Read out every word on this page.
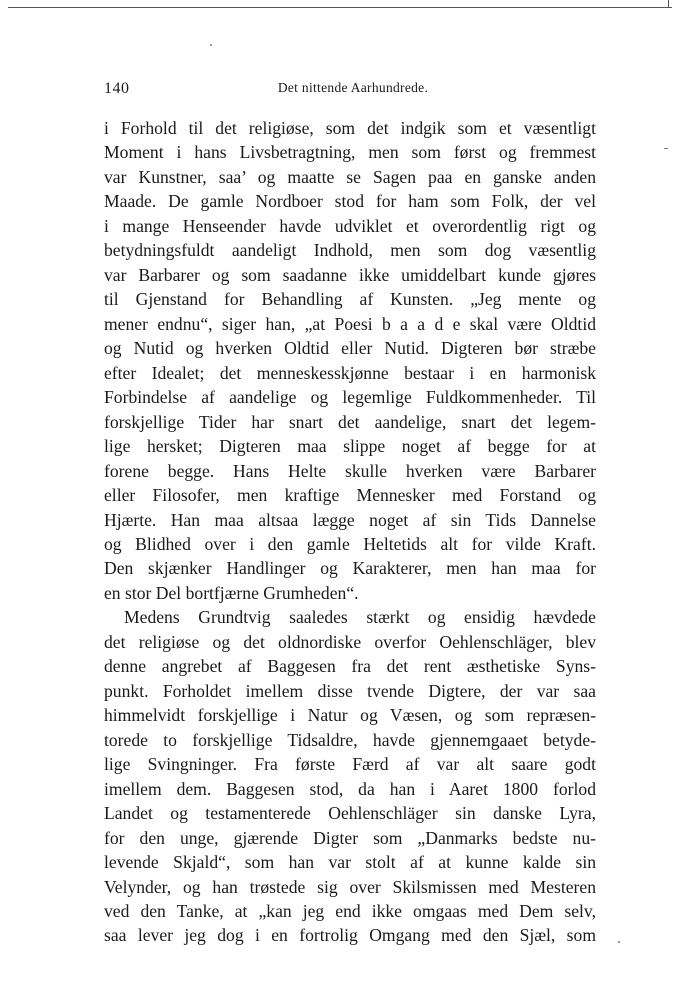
140	Det nittende Aarhundrede.
i Forhold til det religiøse, som det indgik som et væsentligt
Moment i hans Livsbetragtning, men som først og fremmest
var Kunstner, saa’ og maatte se Sagen paa en ganske anden
Maade. De gamle Nordboer stod for ham som Folk, der vel
i mange Henseender havde udviklet et overordentlig rigt og
betydningsfuldt aandeligt Indhold, men som dog væsentlig
var Barbarer og som saadanne ikke umiddelbart kunde gjøres
til Gjenstand for Behandling af Kunsten. „Jeg mente og
mener endnu“, siger han, „at Poesi b a a d e skal være Oldtid
og Nutid og hverken Oldtid eller Nutid. Digteren bør stræbe
efter Idealet; det menneskesskjønne bestaar i en harmonisk
Forbindelse af aandelige og legemlige Fuldkommenheder. Til
forskjellige Tider har snart det aandelige, snart det legem-
lige hersket; Digteren maa slippe noget af begge for at
forene begge. Hans Helte skulle hverken være Barbarer
eller Filosofer, men kraftige Mennesker med Forstand og
Hjærte. Han maa altsaa lægge noget af sin Tids Dannelse
og Blidhed over i den gamle Heltetids alt for vilde Kraft.
Den skjænker Handlinger og Karakterer, men han maa for
en stor Del bortfjærne Grumheden“.
Medens Grundtvig saaledes stærkt og ensidig hævdede
det religiøse og det oldnordiske overfor Oehlenschläger, blev
denne angrebet af Baggesen fra det rent æsthetiske Syns-
punkt. Forholdet imellem disse tvende Digtere, der var saa
himmelvidt forskjellige i Natur og Væsen, og som repræsen-
torede to forskjellige Tidsaldre, havde gjennemgaaet betyde-
lige Svingninger. Fra første Færd af var alt saare godt
imellem dem. Baggesen stod, da han i Aaret 1800 forlod
Landet og testamenterede Oehlenschläger sin danske Lyra,
for den unge, gjærende Digter som „Danmarks bedste nu-
levende Skjald“, som han var stolt af at kunne kalde sin
Velynder, og han trøstede sig over Skilsmissen med Mesteren
ved den Tanke, at „kan jeg end ikke omgaas med Dem selv,
saa lever jeg dog i en fortrolig Omgang med den Sjæl, som
